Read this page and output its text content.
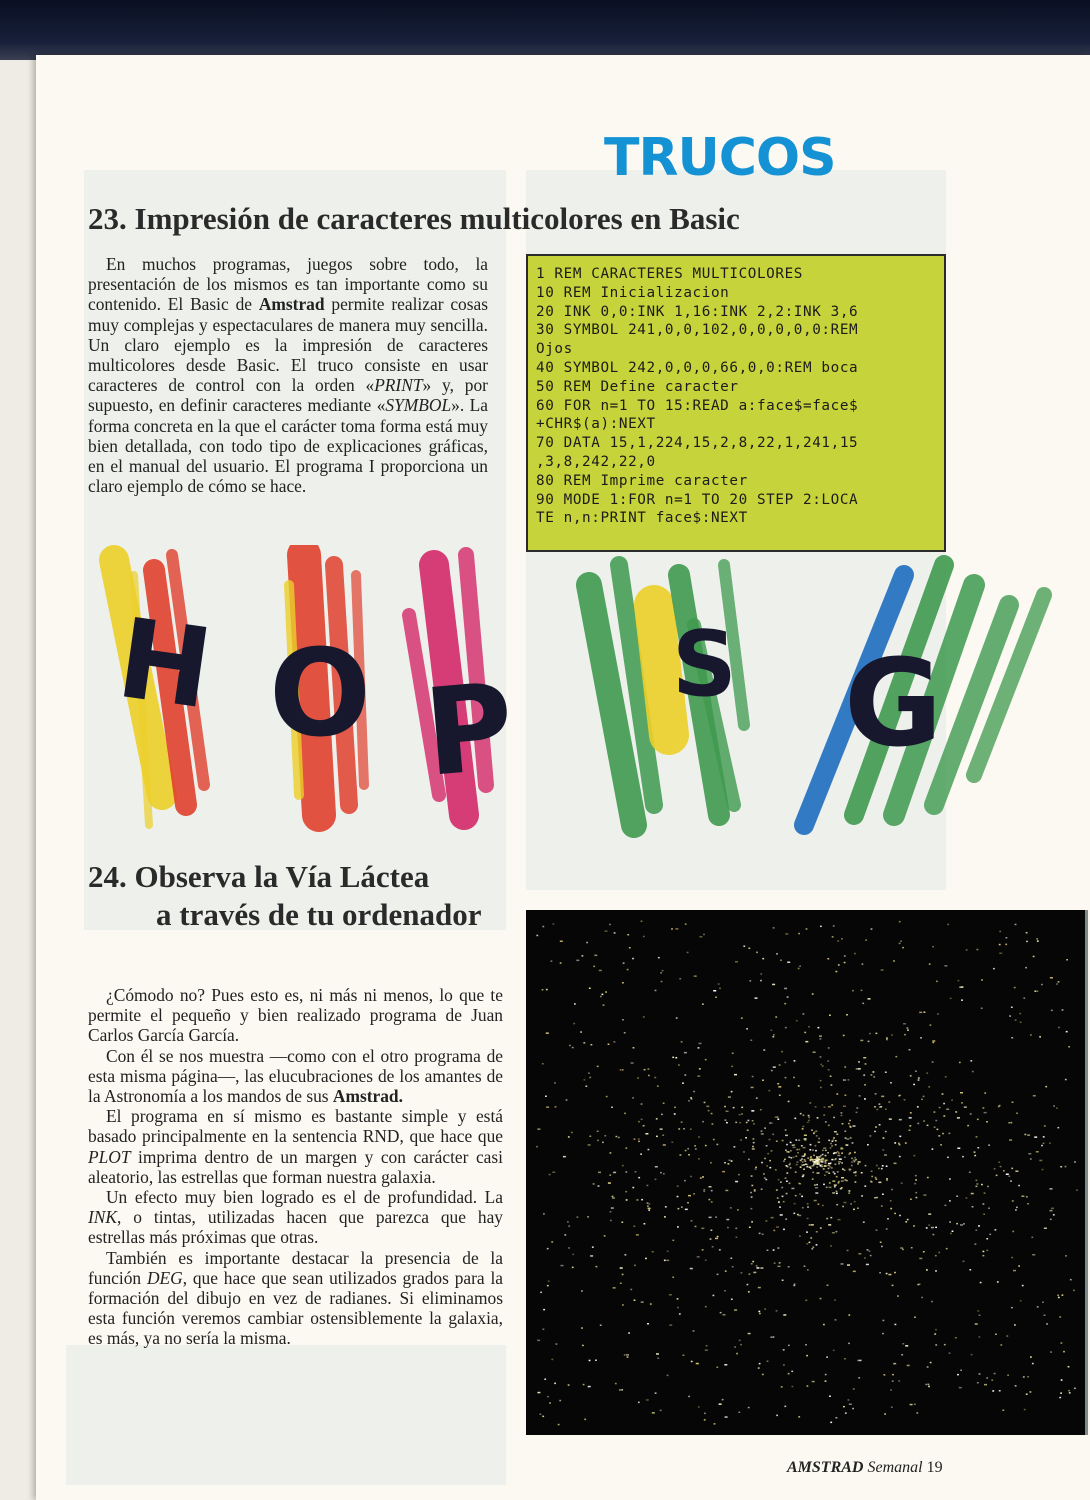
TRUCOS
23. Impresión de caracteres multicolores en Basic

En muchos programas, juegos sobre todo, la presentación de los mismos es tan importante como su contenido. El Basic de Amstrad permite realizar cosas muy complejas y espectaculares de manera muy sencilla. Un claro ejemplo es la impresión de caracteres multicolores desde Basic. El truco consiste en usar caracteres de control con la orden «PRINT» y, por supuesto, en definir caracteres mediante «SYMBOL». La forma concreta en la que el carácter toma forma está muy bien detallada, con todo tipo de explicaciones gráficas, en el manual del usuario. El programa I proporciona un claro ejemplo de cómo se hace.

1 REM CARACTERES MULTICOLORES

10 REM Inicializacion

20 INK 0,0:INK 1,16:INK 2,2:INK 3,6

30 SYMBOL 241,0,0,102,0,0,0,0,0:REM

Ojos

40 SYMBOL 242,0,0,0,66,0,0:REM boca

50 REM Define caracter

60 FOR n=1 TO 15:READ a:face$=face$

+CHR$(a):NEXT

70 DATA 15,1,224,15,2,8,22,1,241,15

,3,8,242,22,0

80 REM Imprime caracter

90 MODE 1:FOR n=1 TO 20 STEP 2:LOCA

TE n,n:PRINT face$:NEXT

H O P S G
24. Observa la Vía Láctea
a través de tu ordenador

¿Cómodo no? Pues esto es, ni más ni menos, lo que te permite el pequeño y bien realizado programa de Juan Carlos García García.

Con él se nos muestra —como con el otro programa de esta misma página—, las elucubraciones de los amantes de la Astronomía a los mandos de sus Amstrad.

El programa en sí mismo es bastante simple y está basado principalmente en la sentencia RND, que hace que PLOT imprima dentro de un margen y con carácter casi aleatorio, las estrellas que forman nuestra galaxia.

Un efecto muy bien logrado es el de profundidad. La INK, o tintas, utilizadas hacen que parezca que hay estrellas más próximas que otras.

También es importante destacar la presencia de la función DEG, que hace que sean utilizados grados para la formación del dibujo en vez de radianes. Si eliminamos esta función veremos cambiar ostensiblemente la galaxia, es más, ya no sería la misma.

AMSTRAD Semanal 19
